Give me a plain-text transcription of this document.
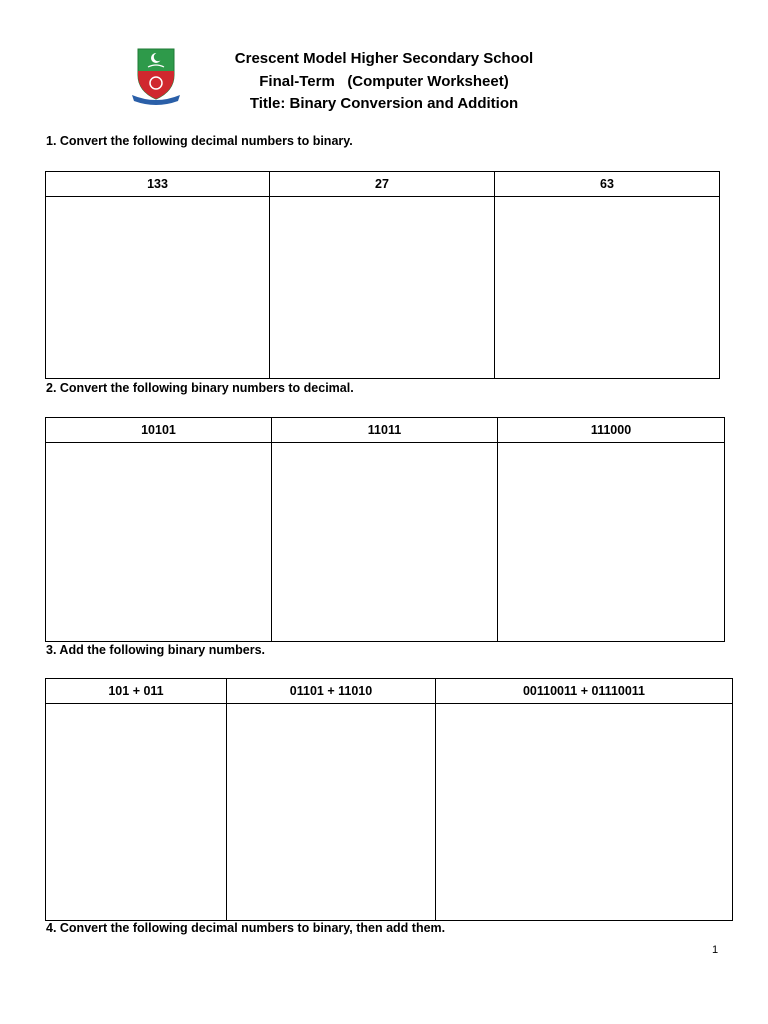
Crescent Model Higher Secondary School
Final-Term   (Computer Worksheet)
Title: Binary Conversion and Addition
1. Convert the following decimal numbers to binary.
133	27	63

2. Convert the following binary numbers to decimal.
10101	11011	111000

3. Add the following binary numbers.
101 + 011	01101 + 11010	00110011 + 01110011

4. Convert the following decimal numbers to binary, then add them.
1
